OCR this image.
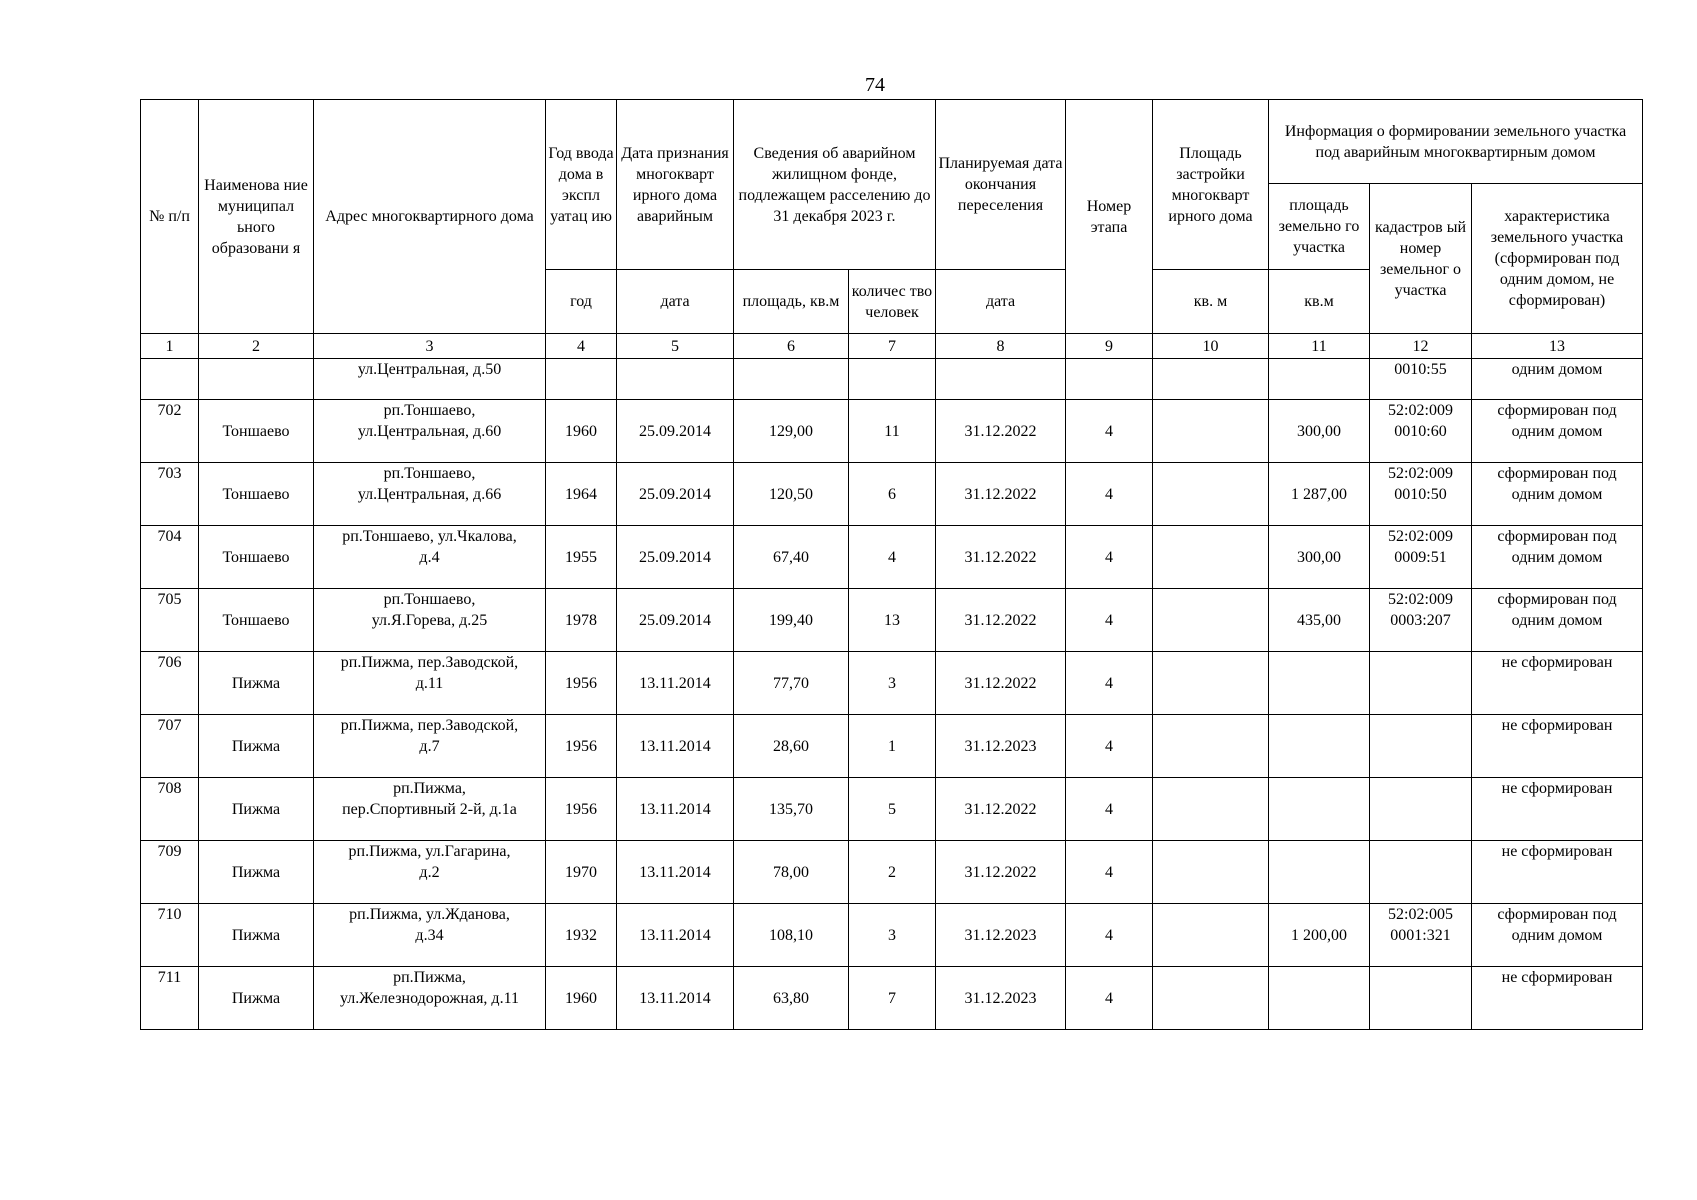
74
№ п/п	Наименова ние муниципал ьного образовани я	Адрес многоквартирного дома	Год ввода дома в экспл уатац ию	Дата признания многокварт ирного дома аварийным	Сведения об аварийном жилищном фонде, подлежащем расселению до 31 декабря 2023 г.		Планируемая дата окончания переселения	Номер этапа	Площадь застройки многокварт ирного дома	Информация о формировании земельного участка под аварийным многоквартирным домом		
										площадь земельно го участка	кадастров ый номер земельног о участка	характеристика земельного участка (сформирован под одним домом, не сформирован)
			год	дата	площадь, кв.м	количес тво человек	дата		кв. м	кв.м		
1	2	3	4	5	6	7	8	9	10	11	12	13

		ул.Центральная, д.50									0010:55	одним домом

702	Тоншаево	рп.Тоншаево,
ул.Центральная, д.60	1960	25.09.2014	129,00	11	31.12.2022	4		300,00	52:02:009
0010:60	сформирован под
одним домом

703	Тоншаево	рп.Тоншаево,
ул.Центральная, д.66	1964	25.09.2014	120,50	6	31.12.2022	4		1 287,00	52:02:009
0010:50	сформирован под
одним домом

704	Тоншаево	рп.Тоншаево, ул.Чкалова,
д.4	1955	25.09.2014	67,40	4	31.12.2022	4		300,00	52:02:009
0009:51	сформирован под
одним домом

705	Тоншаево	рп.Тоншаево,
ул.Я.Горева, д.25	1978	25.09.2014	199,40	13	31.12.2022	4		435,00	52:02:009
0003:207	сформирован под
одним домом

706	Пижма	рп.Пижма, пер.Заводской,
д.11	1956	13.11.2014	77,70	3	31.12.2022	4				не сформирован

707	Пижма	рп.Пижма, пер.Заводской,
д.7	1956	13.11.2014	28,60	1	31.12.2023	4				не сформирован

708	Пижма	рп.Пижма,
пер.Спортивный 2-й, д.1а	1956	13.11.2014	135,70	5	31.12.2022	4				не сформирован

709	Пижма	рп.Пижма, ул.Гагарина,
д.2	1970	13.11.2014	78,00	2	31.12.2022	4				не сформирован

710	Пижма	рп.Пижма, ул.Жданова,
д.34	1932	13.11.2014	108,10	3	31.12.2023	4		1 200,00	52:02:005
0001:321	сформирован под
одним домом

711	Пижма	рп.Пижма,
ул.Железнодорожная, д.11	1960	13.11.2014	63,80	7	31.12.2023	4				не сформирован
